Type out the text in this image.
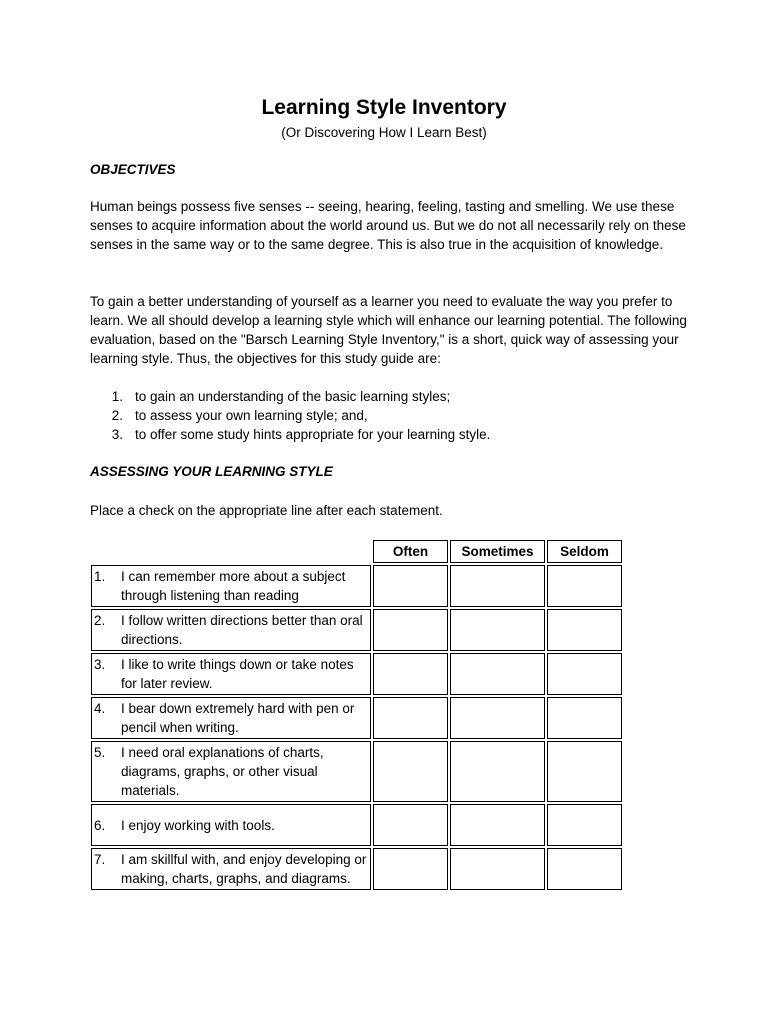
Learning Style Inventory
(Or Discovering How I Learn Best)
OBJECTIVES

Human beings possess five senses -- seeing, hearing, feeling, tasting and smelling. We use these senses to acquire information about the world around us. But we do not all necessarily rely on these senses in the same way or to the same degree. This is also true in the acquisition of knowledge.

To gain a better understanding of yourself as a learner you need to evaluate the way you prefer to learn. We all should develop a learning style which will enhance our learning potential. The following evaluation, based on the "Barsch Learning Style Inventory," is a short, quick way of assessing your learning style. Thus, the objectives for this study guide are:

1. to gain an understanding of the basic learning styles;
2. to assess your own learning style; and,
3. to offer some study hints appropriate for your learning style.
ASSESSING YOUR LEARNING STYLE

Place a check on the appropriate line after each statement.

	Often	Sometimes	Seldom

1. I can remember more about a subject through listening than reading			

2. I follow written directions better than oral directions.			

3. I like to write things down or take notes for later review.			

4. I bear down extremely hard with pen or pencil when writing.			

5. I need oral explanations of charts, diagrams, graphs, or other visual materials.			

6. I enjoy working with tools.			

7. I am skillful with, and enjoy developing or making, charts, graphs, and diagrams.			
